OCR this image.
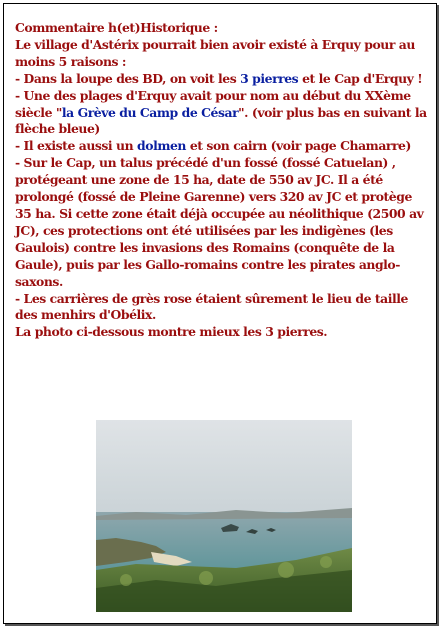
Commentaire h(et)Historique :

Le village d'Astérix pourrait bien avoir existé à Erquy pour au moins 5 raisons :

- Dans la loupe des BD, on voit les 3 pierres et le Cap d'Erquy !

- Une des plages d'Erquy avait pour nom au début du XXème siècle "la Grève du Camp de César". (voir plus bas en suivant la flèche bleue)

- Il existe aussi un dolmen et son cairn (voir page Chamarre)

- Sur le Cap, un talus précédé d'un fossé (fossé Catuelan) , protégeant une zone de 15 ha, date de 550 av JC. Il a été prolongé (fossé de Pleine Garenne) vers 320 av JC et protège 35 ha. Si cette zone était déjà occupée au néolithique (2500 av JC), ces protections ont été utilisées par les indigènes (les Gaulois) contre les invasions des Romains (conquête de la Gaule), puis par les Gallo-romains contre les pirates anglo-saxons.

- Les carrières de grès rose étaient sûrement le lieu de taille des menhirs d'Obélix.

La photo ci-dessous montre mieux les 3 pierres.
